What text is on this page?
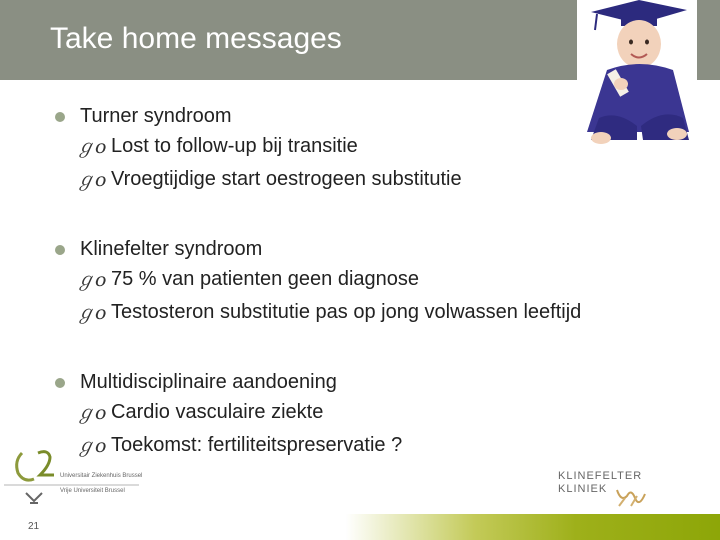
Take home messages
Turner syndroom
ℊo Lost to follow-up bij transitie
ℊo Vroegtijdige start oestrogeen substitutie
Klinefelter syndroom
ℊo 75 % van patienten geen diagnose
ℊo Testosteron substitutie pas op jong volwassen leeftijd
Multidisciplinaire aandoening
ℊo Cardio vasculaire ziekte
ℊo Toekomst: fertiliteitspreservatie ?
Universitair Ziekenhuis Brussel
Vrije Universiteit Brussel
21
KLINEFELTER
KLINIEK
